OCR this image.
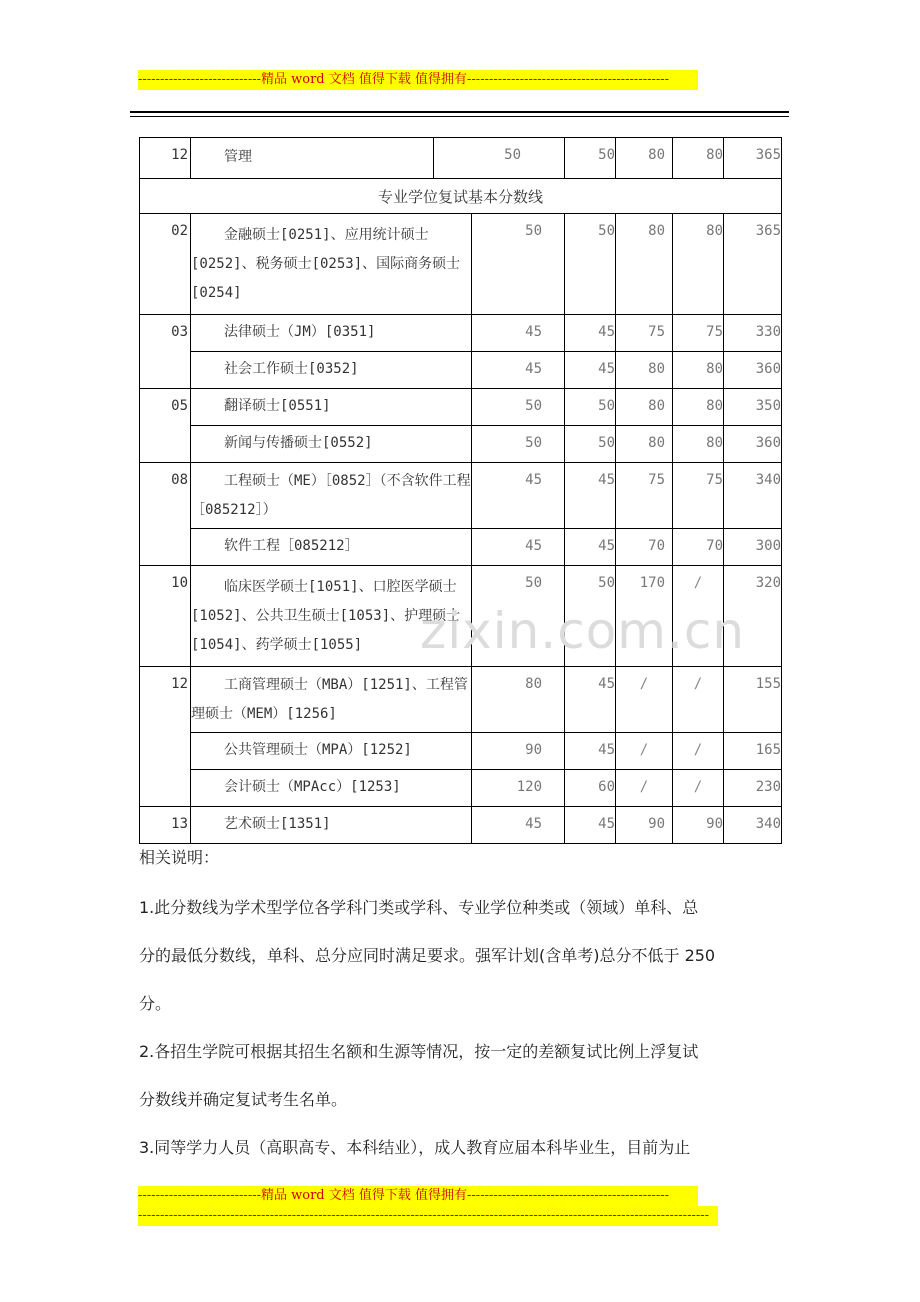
----------------------------精品 word 文档 值得下载 值得拥有----------------------------------------------
12	管理	50		50	80	80	365
专业学位复试基本分数线							
02	金融硕士[0251]、应用统计硕士[0252]、税务硕士[0253]、国际商务硕士[0254]		50	50	80	80	365
03	法律硕士（JM）[0351]		45	45	75	75	330

	社会工作硕士[0352]		45	45	80	80	360
05	翻译硕士[0551]		50	50	80	80	350

	新闻与传播硕士[0552]		50	50	80	80	360
08	工程硕士（ME）［0852］（不含软件工程［085212］）		45	45	75	75	340

	软件工程［085212］		45	45	70	70	300
10	临床医学硕士[1051]、口腔医学硕士[1052]、公共卫生硕士[1053]、护理硕士[1054]、药学硕士[1055]		50	50	170	/	320
12	工商管理硕士（MBA）[1251]、工程管理硕士（MEM）[1256]		80	45	/	/	155

	公共管理硕士（MPA）[1252]		90	45	/	/	165

	会计硕士（MPAcc）[1253]		120	60	/	/	230
13	艺术硕士[1351]		45	45	90	90	340
zixin.com.cn

相关说明：

1.此分数线为学术型学位各学科门类或学科、专业学位种类或（领域）单科、总

分的最低分数线，单科、总分应同时满足要求。强军计划(含单考)总分不低于 250

分。

2.各招生学院可根据其招生名额和生源等情况，按一定的差额复试比例上浮复试

分数线并确定复试考生名单。

3.同等学力人员（高职高专、本科结业），成人教育应届本科毕业生，目前为止

----------------------------精品 word 文档 值得下载 值得拥有----------------------------------------------
----------------------------------------------------------------------------------------------------------------------------------
